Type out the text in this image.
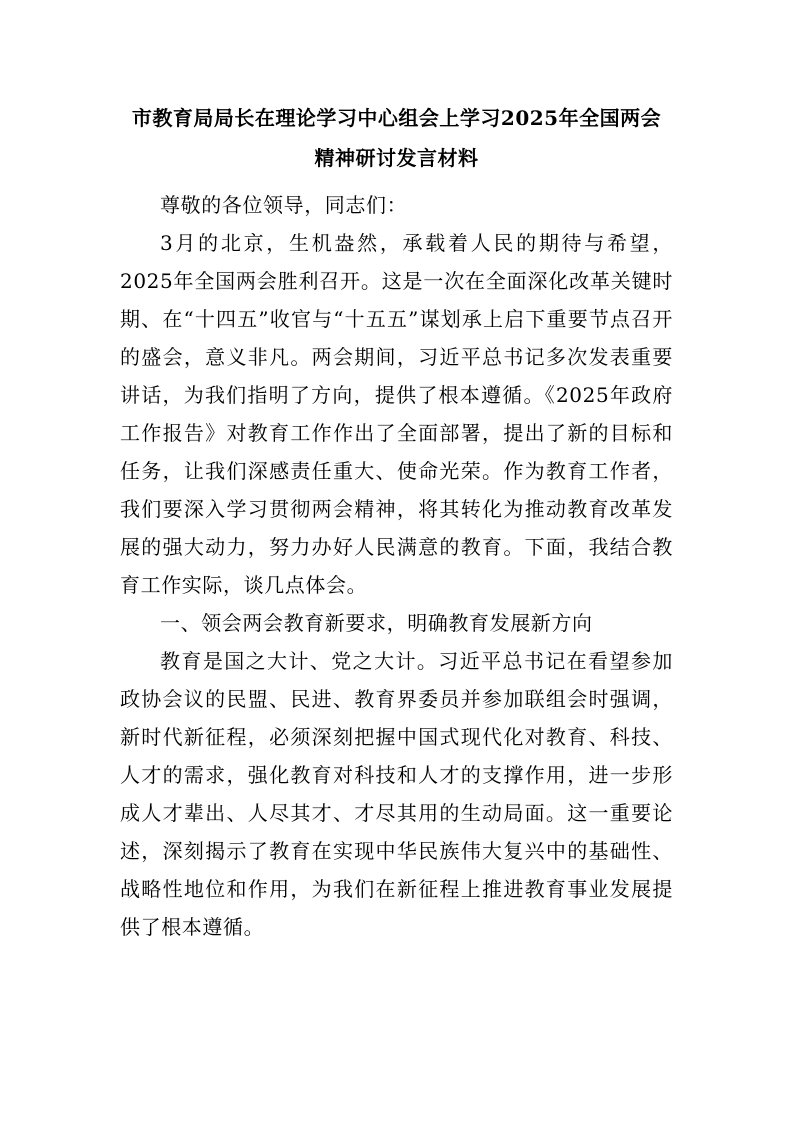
市教育局局长在理论学习中心组会上学习2025年全国两会
精神研讨发言材料

尊敬的各位领导，同志们：

3月的北京，生机盎然，承载着人民的期待与希望，2025年全国两会胜利召开。这是一次在全面深化改革关键时期、在“十四五”收官与“十五五”谋划承上启下重要节点召开的盛会，意义非凡。两会期间，习近平总书记多次发表重要讲话，为我们指明了方向，提供了根本遵循。《2025年政府工作报告》对教育工作作出了全面部署，提出了新的目标和任务，让我们深感责任重大、使命光荣。作为教育工作者，我们要深入学习贯彻两会精神，将其转化为推动教育改革发展的强大动力，努力办好人民满意的教育。下面，我结合教育工作实际，谈几点体会。

一、领会两会教育新要求，明确教育发展新方向

教育是国之大计、党之大计。习近平总书记在看望参加政协会议的民盟、民进、教育界委员并参加联组会时强调，新时代新征程，必须深刻把握中国式现代化对教育、科技、人才的需求，强化教育对科技和人才的支撑作用，进一步形成人才辈出、人尽其才、才尽其用的生动局面。这一重要论述，深刻揭示了教育在实现中华民族伟大复兴中的基础性、战略性地位和作用，为我们在新征程上推进教育事业发展提供了根本遵循。
